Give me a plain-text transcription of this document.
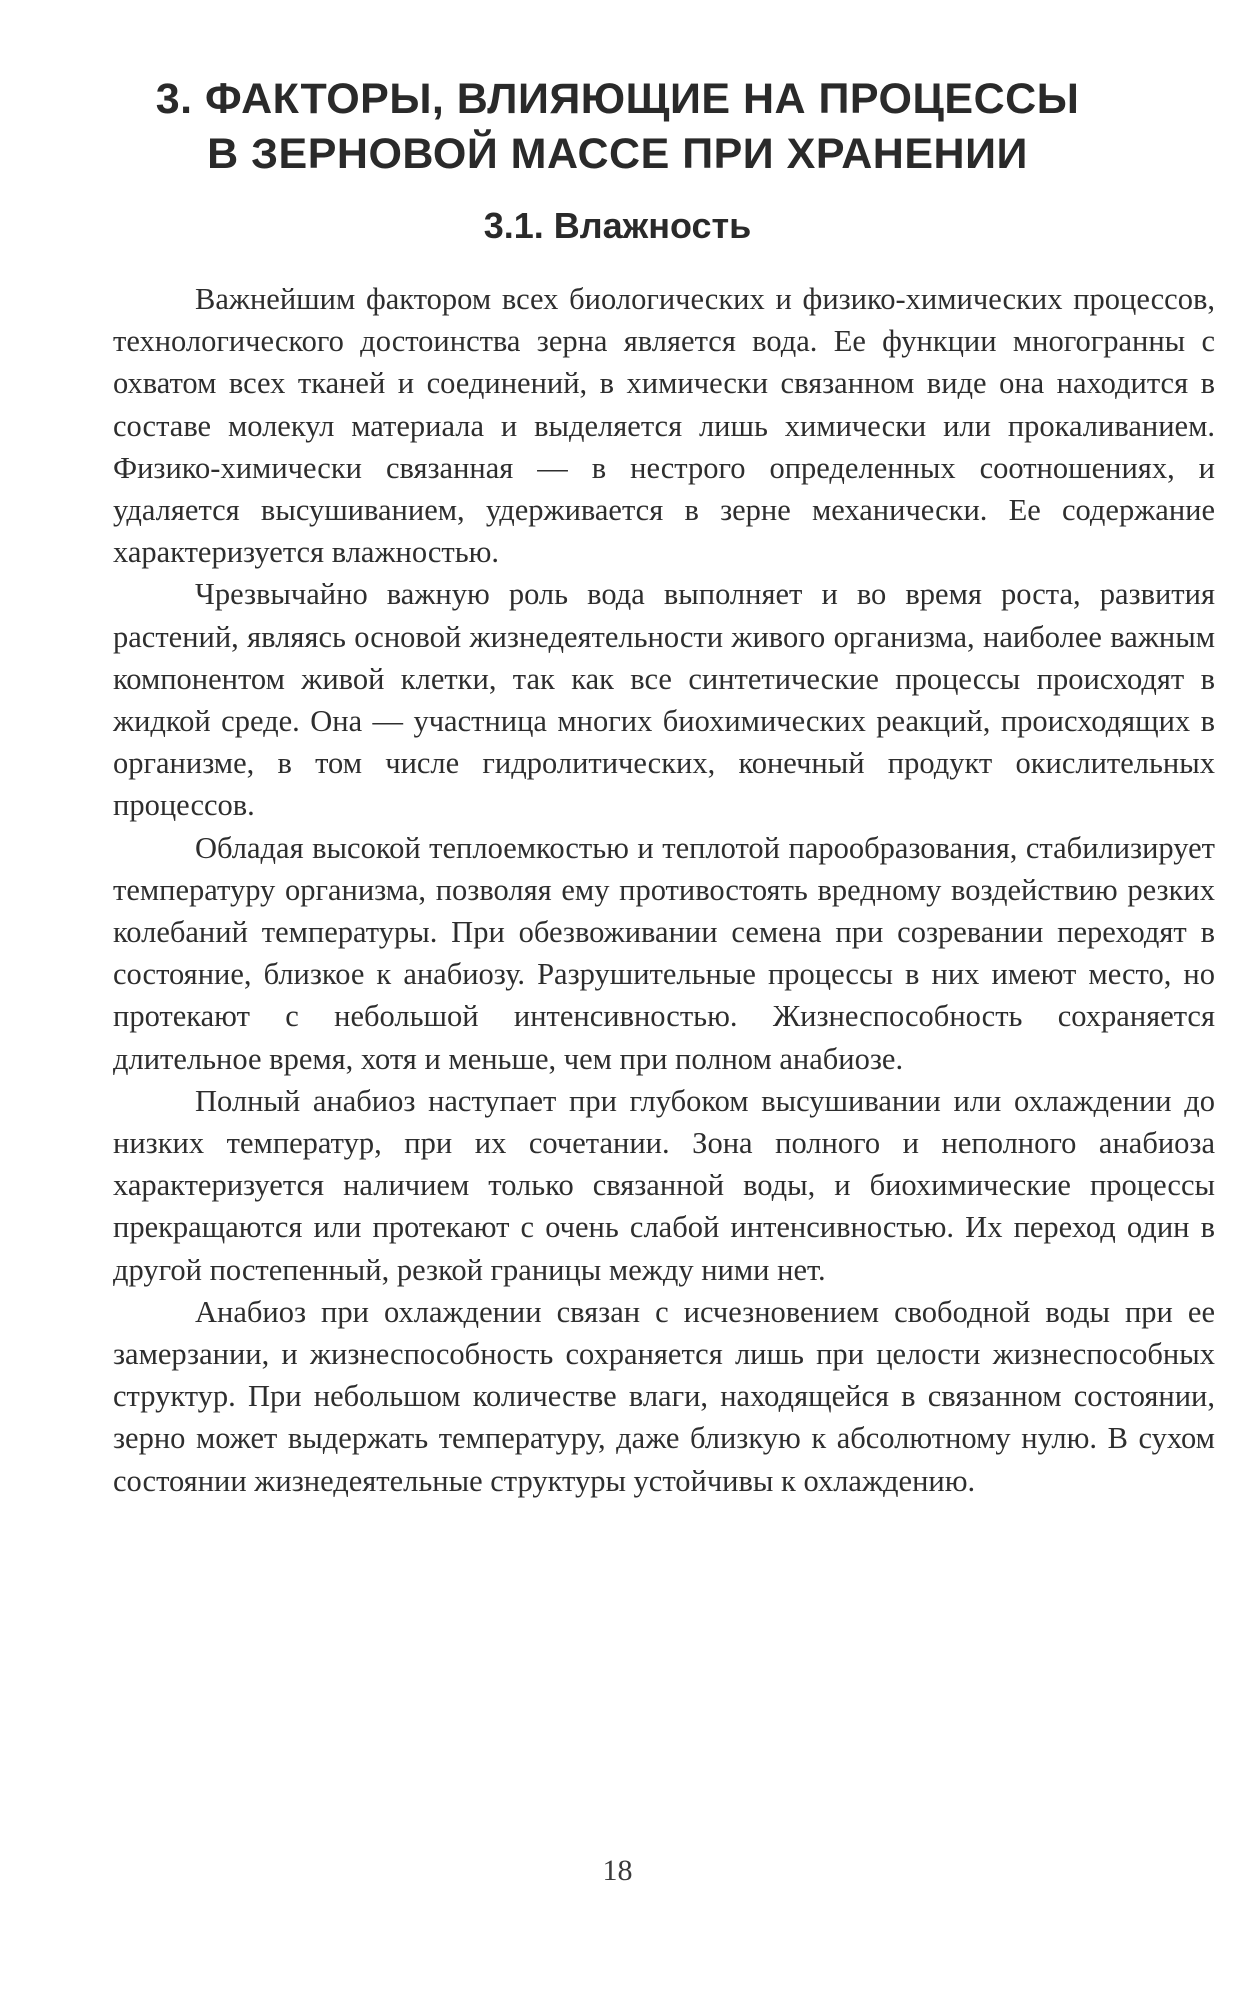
3. ФАКТОРЫ, ВЛИЯЮЩИЕ НА ПРОЦЕССЫ
В ЗЕРНОВОЙ МАССЕ ПРИ ХРАНЕНИИ
3.1. Влажность

Важнейшим фактором всех биологических и физико-химических процессов, технологического достоинства зерна является вода. Ее функции многогранны с охватом всех тканей и соединений, в химически связанном виде она находится в составе молекул материала и выделяется лишь химически или прокаливанием. Физико-химически связанная — в нестрого определенных соотношениях, и удаляется высушиванием, удерживается в зерне механически. Ее содержание характеризуется влажностью.

Чрезвычайно важную роль вода выполняет и во время роста, развития растений, являясь основой жизнедеятельности живого организма, наиболее важным компонентом живой клетки, так как все синтетические процессы происходят в жидкой среде. Она — участница многих биохимических реакций, происходящих в организме, в том числе гидролитических, конечный продукт окислительных процессов.

Обладая высокой теплоемкостью и теплотой парообразования, стабилизирует температуру организма, позволяя ему противостоять вредному воздействию резких колебаний температуры. При обезвоживании семена при созревании переходят в состояние, близкое к анабиозу. Разрушительные процессы в них имеют место, но протекают с небольшой интенсивностью. Жизнеспособность сохраняется длительное время, хотя и меньше, чем при полном анабиозе.

Полный анабиоз наступает при глубоком высушивании или охлаждении до низких температур, при их сочетании. Зона полного и неполного анабиоза характеризуется наличием только связанной воды, и биохимические процессы прекращаются или протекают с очень слабой интенсивностью. Их переход один в другой постепенный, резкой границы между ними нет.

Анабиоз при охлаждении связан с исчезновением свободной воды при ее замерзании, и жизнеспособность сохраняется лишь при целости жизнеспособных структур. При небольшом количестве влаги, находящейся в связанном состоянии, зерно может выдержать температуру, даже близкую к абсолютному нулю. В сухом состоянии жизнедеятельные структуры устойчивы к охлаждению.

18
